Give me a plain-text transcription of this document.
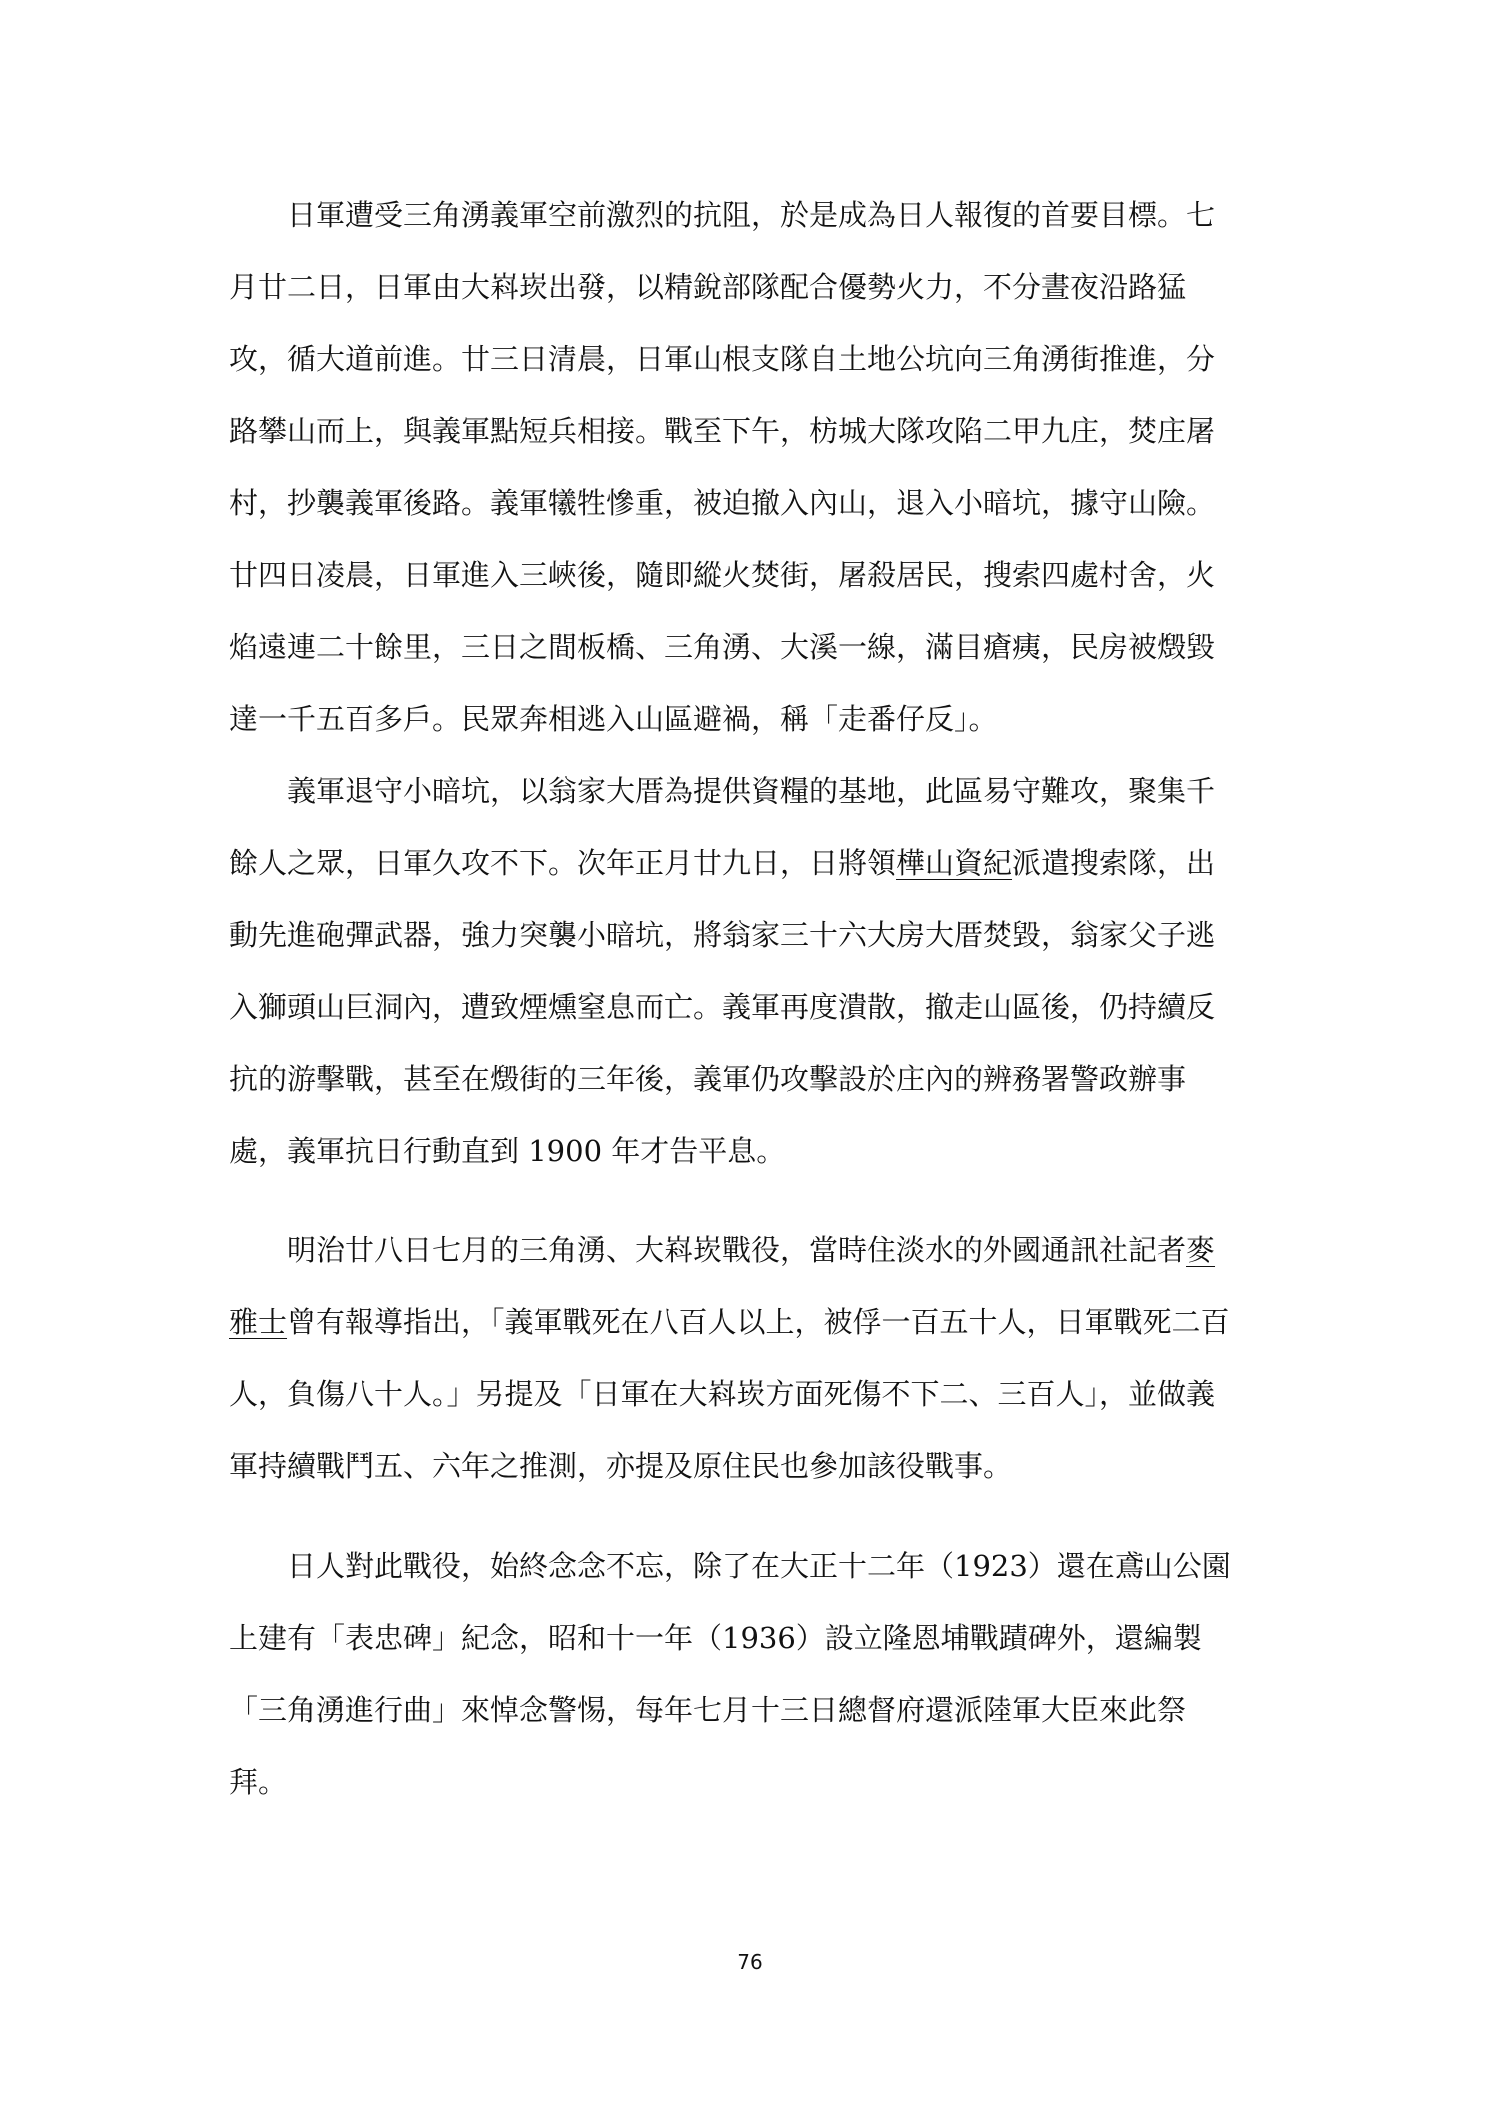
日軍遭受三角湧義軍空前激烈的抗阻，於是成為日人報復的首要目標。七
月廿二日，日軍由大嵙崁出發，以精銳部隊配合優勢火力，不分晝夜沿路猛
攻，循大道前進。廿三日清晨，日軍山根支隊自土地公坑向三角湧街推進，分
路攀山而上，與義軍點短兵相接。戰至下午，枋城大隊攻陷二甲九庄，焚庄屠
村，抄襲義軍後路。義軍犧牲慘重，被迫撤入內山，退入小暗坑，據守山險。
廿四日凌晨，日軍進入三峽後，隨即縱火焚街，屠殺居民，搜索四處村舍，火
焰遠連二十餘里，三日之間板橋、三角湧、大溪一線，滿目瘡痍，民房被燬毀
達一千五百多戶。民眾奔相逃入山區避禍，稱「走番仔反」。
義軍退守小暗坑，以翁家大厝為提供資糧的基地，此區易守難攻，聚集千
餘人之眾，日軍久攻不下。次年正月廿九日，日將領樺山資紀派遣搜索隊，出
動先進砲彈武器，強力突襲小暗坑，將翁家三十六大房大厝焚毀，翁家父子逃
入獅頭山巨洞內，遭致煙燻窒息而亡。義軍再度潰散，撤走山區後，仍持續反
抗的游擊戰，甚至在燬街的三年後，義軍仍攻擊設於庄內的辨務署警政辦事
處，義軍抗日行動直到 1900 年才告平息。
明治廿八日七月的三角湧、大嵙崁戰役，當時住淡水的外國通訊社記者麥
雅士曾有報導指出，「義軍戰死在八百人以上，被俘一百五十人，日軍戰死二百
人，負傷八十人。」另提及「日軍在大嵙崁方面死傷不下二、三百人」，並做義
軍持續戰鬥五、六年之推測，亦提及原住民也參加該役戰事。
日人對此戰役，始終念念不忘，除了在大正十二年（1923）還在鳶山公園
上建有「表忠碑」紀念，昭和十一年（1936）設立隆恩埔戰蹟碑外，還編製
「三角湧進行曲」來悼念警惕，每年七月十三日總督府還派陸軍大臣來此祭
拜。
76
